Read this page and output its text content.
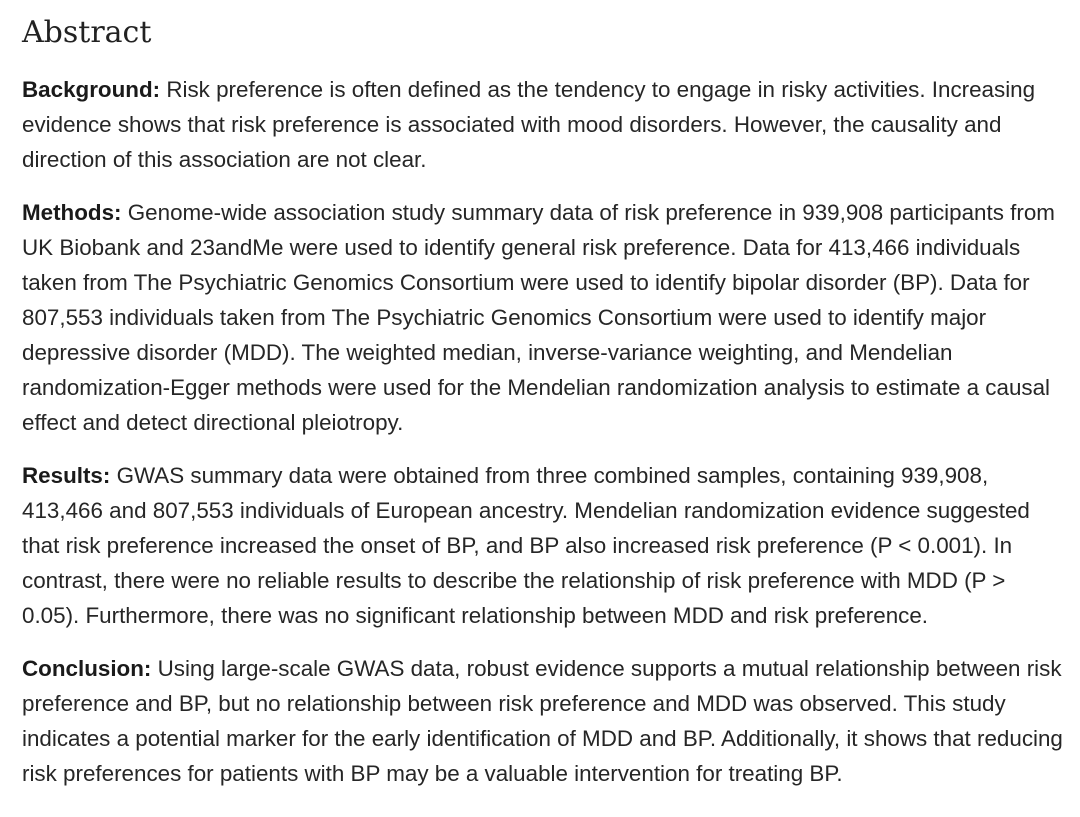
Abstract

Background: Risk preference is often defined as the tendency to engage in risky activities. Increasing evidence shows that risk preference is associated with mood disorders. However, the causality and direction of this association are not clear.

Methods: Genome-wide association study summary data of risk preference in 939,908 participants from UK Biobank and 23andMe were used to identify general risk preference. Data for 413,466 individuals taken from The Psychiatric Genomics Consortium were used to identify bipolar disorder (BP). Data for 807,553 individuals taken from The Psychiatric Genomics Consortium were used to identify major depressive disorder (MDD). The weighted median, inverse-variance weighting, and Mendelian randomization-Egger methods were used for the Mendelian randomization analysis to estimate a causal effect and detect directional pleiotropy.

Results: GWAS summary data were obtained from three combined samples, containing 939,908, 413,466 and 807,553 individuals of European ancestry. Mendelian randomization evidence suggested that risk preference increased the onset of BP, and BP also increased risk preference (P < 0.001). In contrast, there were no reliable results to describe the relationship of risk preference with MDD (P > 0.05). Furthermore, there was no significant relationship between MDD and risk preference.

Conclusion: Using large-scale GWAS data, robust evidence supports a mutual relationship between risk preference and BP, but no relationship between risk preference and MDD was observed. This study indicates a potential marker for the early identification of MDD and BP. Additionally, it shows that reducing risk preferences for patients with BP may be a valuable intervention for treating BP.
